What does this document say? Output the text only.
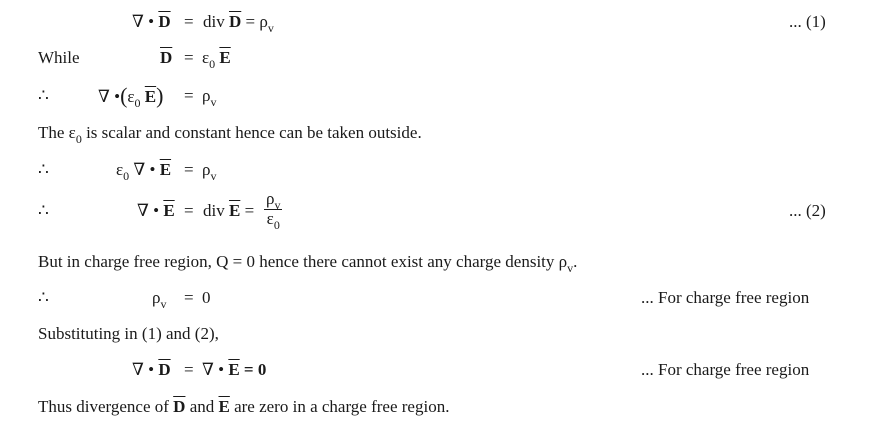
∇ • $\overline{D}$ = div $\overline{D} = \rho_v$	... (1)
While	$\overline{D} = \varepsilon_0$ $\overline{E}$
∴	∇ $•(\varepsilon_0$ $\overline{E}) = \rho_v$
The $\varepsilon_0$ is scalar and constant hence can be taken outside.
∴	$\varepsilon_0$ ∇ • $\overline{E} = \rho_v$
∴	∇ • $\overline{E}$ = div $\overline{E} = \frac{\rho_v}{\varepsilon_0}$	... (2)
But in charge free region, Q = 0 hence there cannot exist any charge density $\rho_v$.
∴	$\rho_v = 0$	... For charge free region
Substituting in (1) and (2),
∇ • $\overline{D}$ = ∇ • $\overline{E} = 0$	... For charge free region
Thus divergence of $\overline{D}$ and $\overline{E}$ are zero in a charge free region.
